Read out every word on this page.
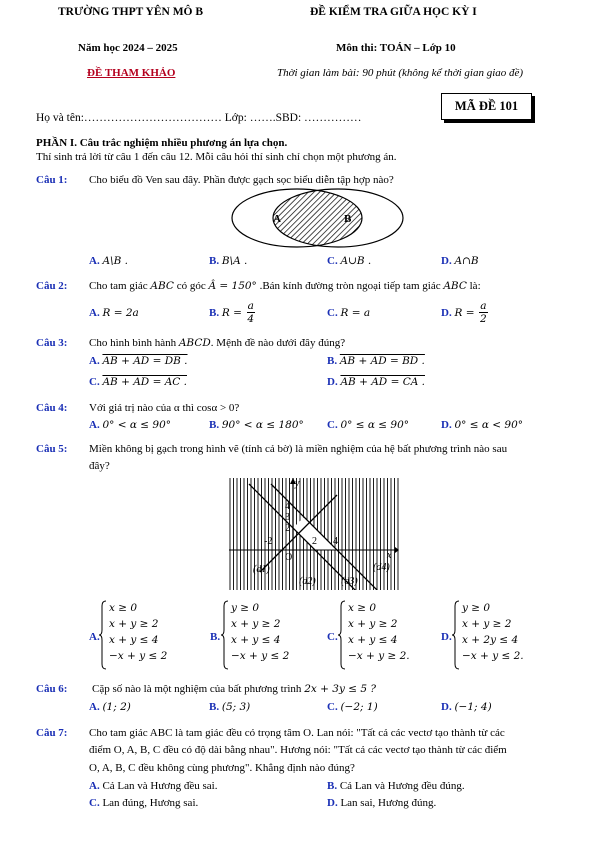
TRƯỜNG THPT YÊN MÔ B
Năm học 2024 – 2025
ĐỀ THAM KHẢO
ĐỀ KIỂM TRA GIỮA HỌC KỲ I
Môn thi: TOÁN – Lớp 10
Thời gian làm bài: 90 phút (không kể thời gian giao đề)
MÃ ĐỀ 101
Họ và tên:……………………………… Lớp: …….SBD: ……………
PHẦN I. Câu trắc nghiệm nhiều phương án lựa chọn.
Thí sinh trả lời từ câu 1 đến câu 12. Mỗi câu hỏi thí sinh chỉ chọn một phương án.
Câu 1: Cho biểu đồ Ven sau đây. Phần được gạch sọc biểu diễn tập hợp nào?
A	B
A. A\B .	B. B\A .	C. A∪B .	D. A∩B
Câu 2: Cho tam giác ABC có góc Â = 150° .Bán kính đường tròn ngoại tiếp tam giác ABC là:
A. R = 2a	B. $R = \frac{a}{4}$	C. R = a	D. $R = \frac{a}{2}$
Câu 3: Cho hình bình hành ABCD. Mệnh đề nào dưới đây đúng?
A. AB + AD = DB .	B. AB + AD = BD .
C. AB + AD = AC .	D. AB + AD = CA .
Câu 4: Với giá trị nào của α thì cosα > 0?
A. 0° < α ≤ 90°	B. 90° < α ≤ 180° C. 0° ≤ α ≤ 90°	D. 0° ≤ α < 90°
Câu 5: Miền không bị gạch trong hình vẽ (tính cả bờ) là miền nghiệm của hệ bất phương trình nào sau
đây?
y
x
O
4
3
2
-2	2 4
(d1)
(d2)	(d3)
(d4)
A.
x ≥ 0
x + y ≥ 2
x + y ≤ 4
−x + y ≤ 2
B.
y ≥ 0
x + y ≥ 2
x + y ≤ 4
−x + y ≤ 2
C.
x ≥ 0
x + y ≥ 2
x + y ≤ 4
−x + y ≥ 2.
D.
y ≥ 0
x + y ≥ 2
x + 2y ≤ 4
−x + y ≤ 2.
Câu 6: Cặp số nào là một nghiệm của bất phương trình 2x + 3y ≤ 5 ?
A. (1; 2)	B. (5; 3)	C. (−2; 1)	D. (−1; 4)
Câu 7: Cho tam giác ABC là tam giác đều có trọng tâm O. Lan nói: "Tất cả các vectơ tạo thành từ các
điểm O, A, B, C đều có độ dài bằng nhau". Hương nói: "Tất cả các vectơ tạo thành từ các điểm
O, A, B, C đều không cùng phương". Khẳng định nào đúng?
A. Cả Lan và Hương đều sai.	B. Cả Lan và Hương đều đúng.
C. Lan đúng, Hương sai.	D. Lan sai, Hương đúng.
